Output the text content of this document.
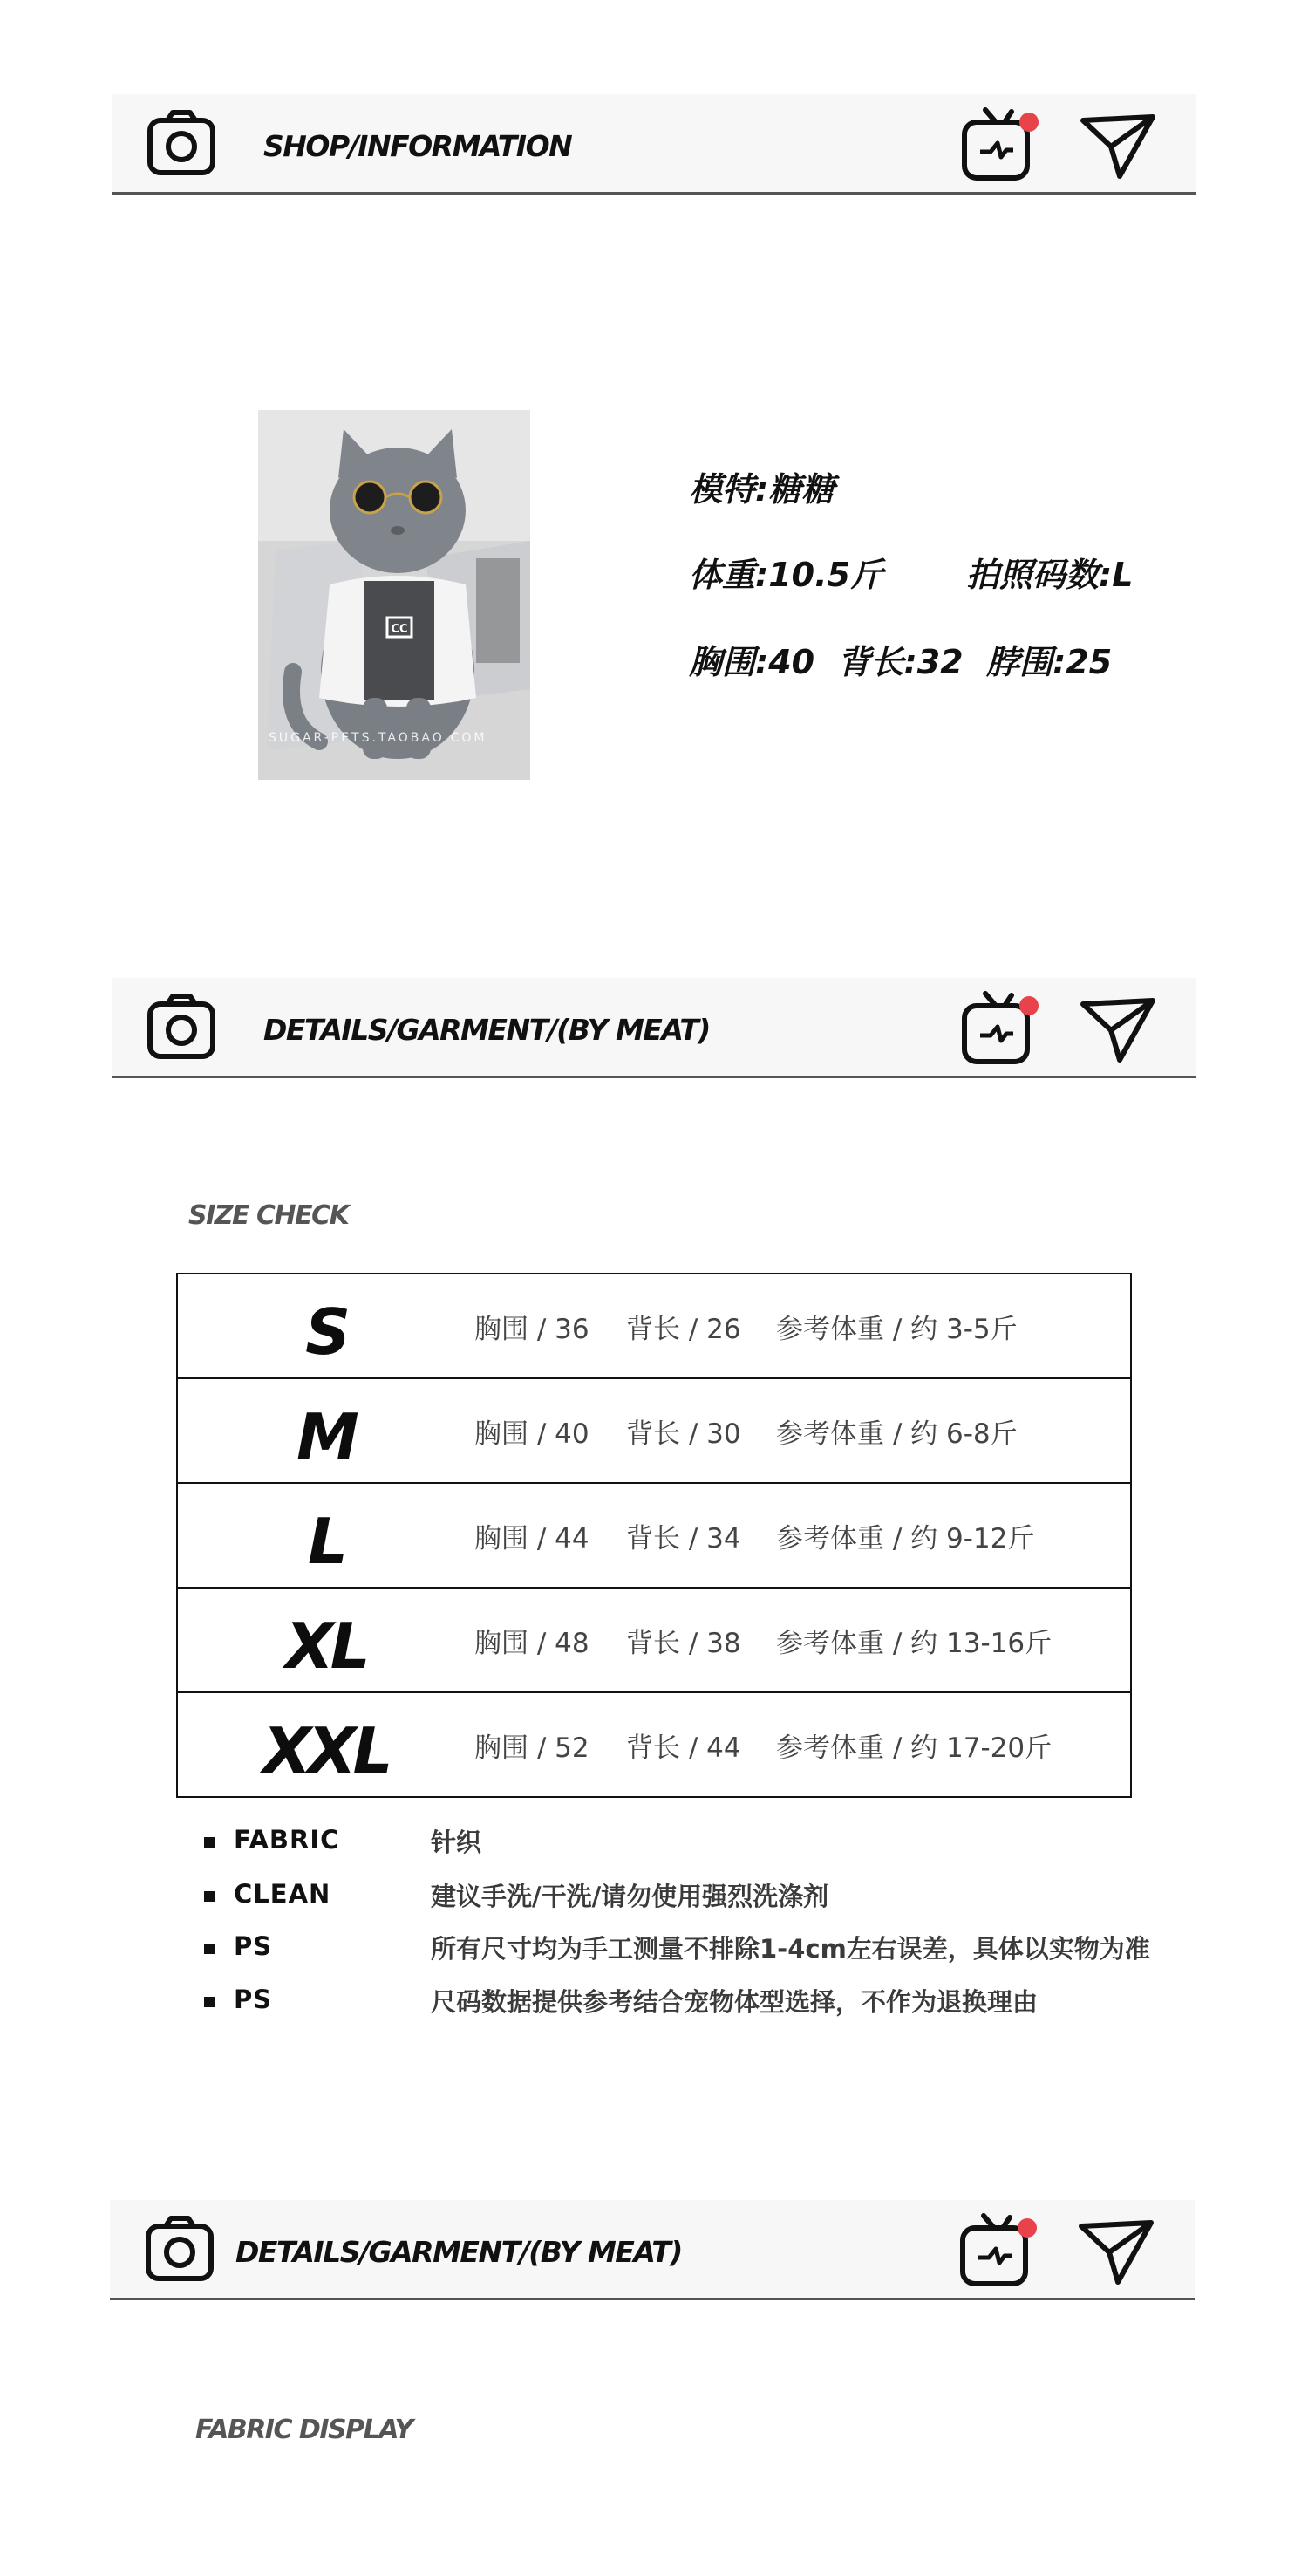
SHOP/INFORMATION
CC
SUGAR-PETS.TAOBAO.COM
模特:糖糖
体重:10.5斤	拍照码数:L
胸围:40  背长:32  脖围:25
DETAILS/GARMENT/(BY MEAT)
SIZE CHECK
S	胸围 / 36 背长 / 26 参考体重 / 约 3-5斤
M	胸围 / 40 背长 / 30 参考体重 / 约 6-8斤
L	胸围 / 44 背长 / 34 参考体重 / 约 9-12斤
XL	胸围 / 48 背长 / 38 参考体重 / 约 13-16斤
XXL	胸围 / 52 背长 / 44 参考体重 / 约 17-20斤
FABRIC	针织
CLEAN	建议手洗/干洗/请勿使用强烈洗涤剂
PS	所有尺寸均为手工测量不排除1-4cm左右误差，具体以实物为准
PS	尺码数据提供参考结合宠物体型选择，不作为退换理由
DETAILS/GARMENT/(BY MEAT)
FABRIC DISPLAY
